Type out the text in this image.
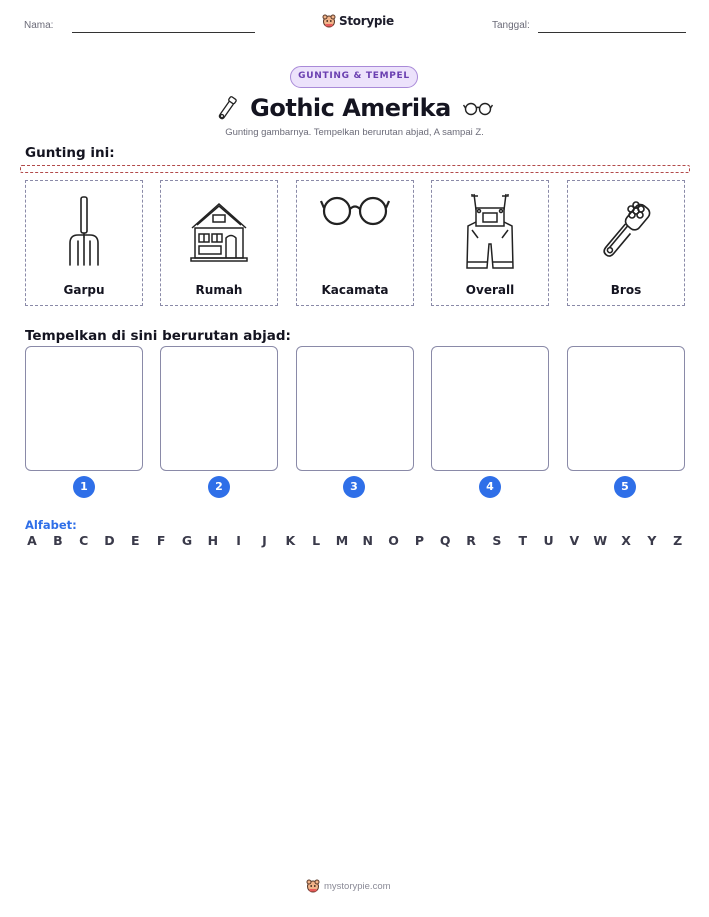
Nama:	Storypie	Tanggal:
GUNTING & TEMPEL
Gothic Amerika
Gunting gambarnya. Tempelkan berurutan abjad, A sampai Z.
Gunting ini:
Garpu	Rumah	Kacamata	Overall	Bros
Tempelkan di sini berurutan abjad:
1	2	3	4	5
Alfabet:
A B C D E F G H	I	J	K L M N O P Q R S T U V W X Y Z
mystorypie.com
